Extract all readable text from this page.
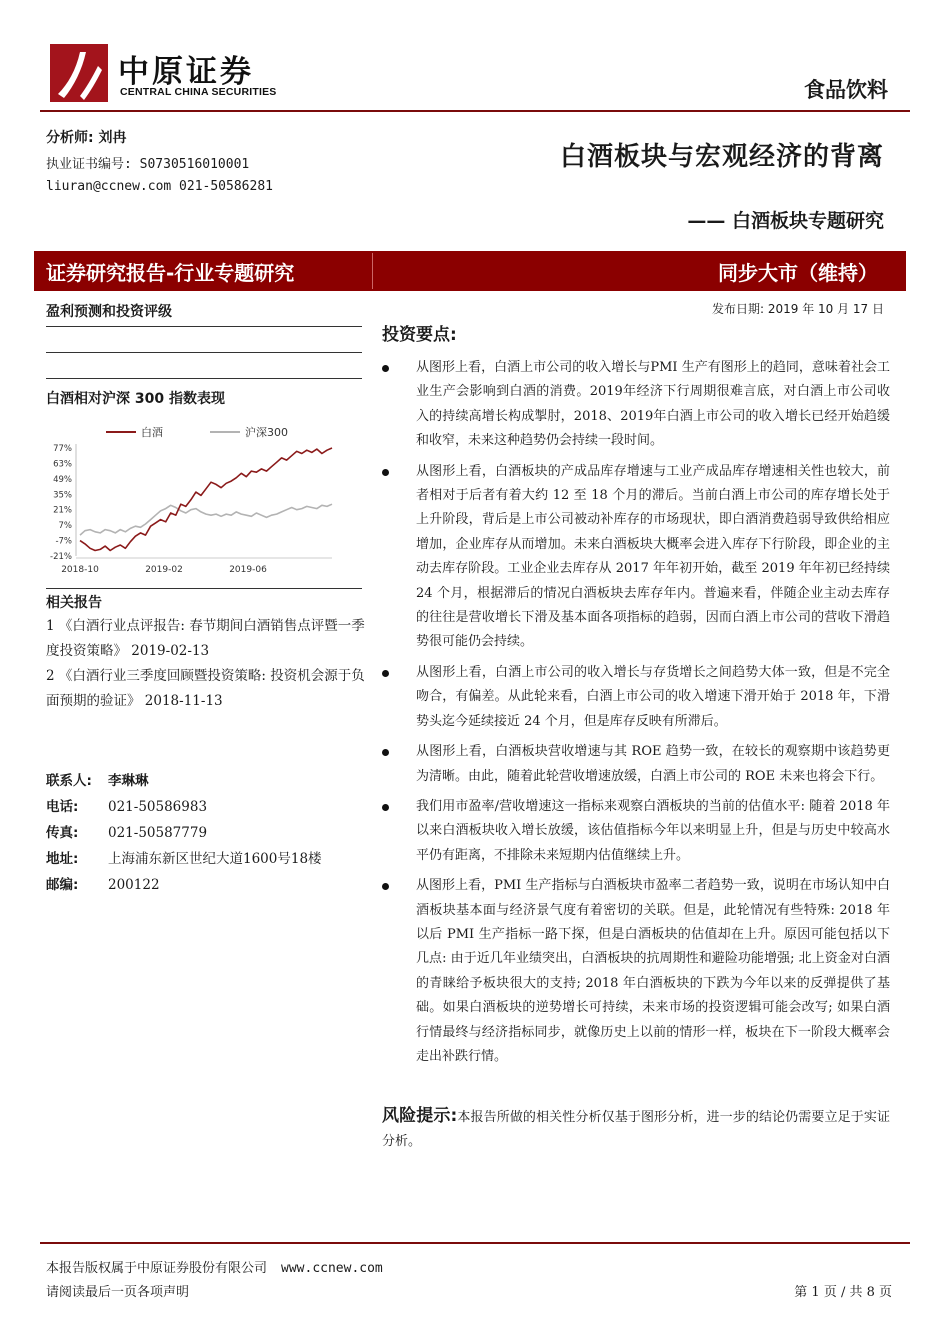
中原证券
CENTRAL CHINA SECURITIES	食品饮料
分析师: 刘冉
执业证书编号: S0730516010001
liuran@ccnew.com 021-50586281
白酒板块与宏观经济的背离
—— 白酒板块专题研究
证券研究报告-行业专题研究	同步大市（维持）
发布日期: 2019 年 10 月 17 日
盈利预测和投资评级
白酒相对沪深 300 指数表现
白酒	沪深300
77%
63%
49%
35%
21%
7%
-7%
-21%
2018-10	2019-02	2019-06
相关报告
1 《白酒行业点评报告: 春节期间白酒销售点评暨一季度投资策略》 2019-02-13
2 《白酒行业三季度回顾暨投资策略: 投资机会源于负面预期的验证》 2018-11-13
联系人: 李琳琳
电话: 021-50586983
传真: 021-50587779
地址: 上海浦东新区世纪大道1600号18楼
邮编: 200122
投资要点:
从图形上看，白酒上市公司的收入增长与PMI 生产有图形上的趋同，意味着社会工业生产会影响到白酒的消费。2019年经济下行周期很难言底，对白酒上市公司收入的持续高增长构成掣肘，2018、2019年白酒上市公司的收入增长已经开始趋缓和收窄，未来这种趋势仍会持续一段时间。
从图形上看，白酒板块的产成品库存增速与工业产成品库存增速相关性也较大，前者相对于后者有着大约 12 至 18 个月的滞后。当前白酒上市公司的库存增长处于上升阶段，背后是上市公司被动补库存的市场现状，即白酒消费趋弱导致供给相应增加，企业库存从而增加。未来白酒板块大概率会进入库存下行阶段，即企业的主动去库存阶段。工业企业去库存从 2017 年年初开始，截至 2019 年年初已经持续 24 个月，根据滞后的情况白酒板块去库存年内。普遍来看，伴随企业主动去库存的往往是营收增长下滑及基本面各项指标的趋弱，因而白酒上市公司的营收下滑趋势很可能仍会持续。
从图形上看，白酒上市公司的收入增长与存货增长之间趋势大体一致，但是不完全吻合，有偏差。从此轮来看，白酒上市公司的收入增速下滑开始于 2018 年，下滑势头迄今延续接近 24 个月，但是库存反映有所滞后。
从图形上看，白酒板块营收增速与其 ROE 趋势一致，在较长的观察期中该趋势更为清晰。由此，随着此轮营收增速放缓，白酒上市公司的 ROE 未来也将会下行。
我们用市盈率/营收增速这一指标来观察白酒板块的当前的估值水平: 随着 2018 年以来白酒板块收入增长放缓，该估值指标今年以来明显上升，但是与历史中较高水平仍有距离，不排除未来短期内估值继续上升。
从图形上看，PMI 生产指标与白酒板块市盈率二者趋势一致，说明在市场认知中白酒板块基本面与经济景气度有着密切的关联。但是，此轮情况有些特殊: 2018 年以后 PMI 生产指标一路下探，但是白酒板块的估值却在上升。原因可能包括以下几点: 由于近几年业绩突出，白酒板块的抗周期性和避险功能增强; 北上资金对白酒的青睐给予板块很大的支持; 2018 年白酒板块的下跌为今年以来的反弹提供了基础。如果白酒板块的逆势增长可持续，未来市场的投资逻辑可能会改写; 如果白酒行情最终与经济指标同步，就像历史上以前的情形一样，板块在下一阶段大概率会走出补跌行情。
风险提示:本报告所做的相关性分析仅基于图形分析，进一步的结论仍需要立足于实证分析。
本报告版权属于中原证券股份有限公司 www.ccnew.com
请阅读最后一页各项声明	第 1 页 / 共 8 页
